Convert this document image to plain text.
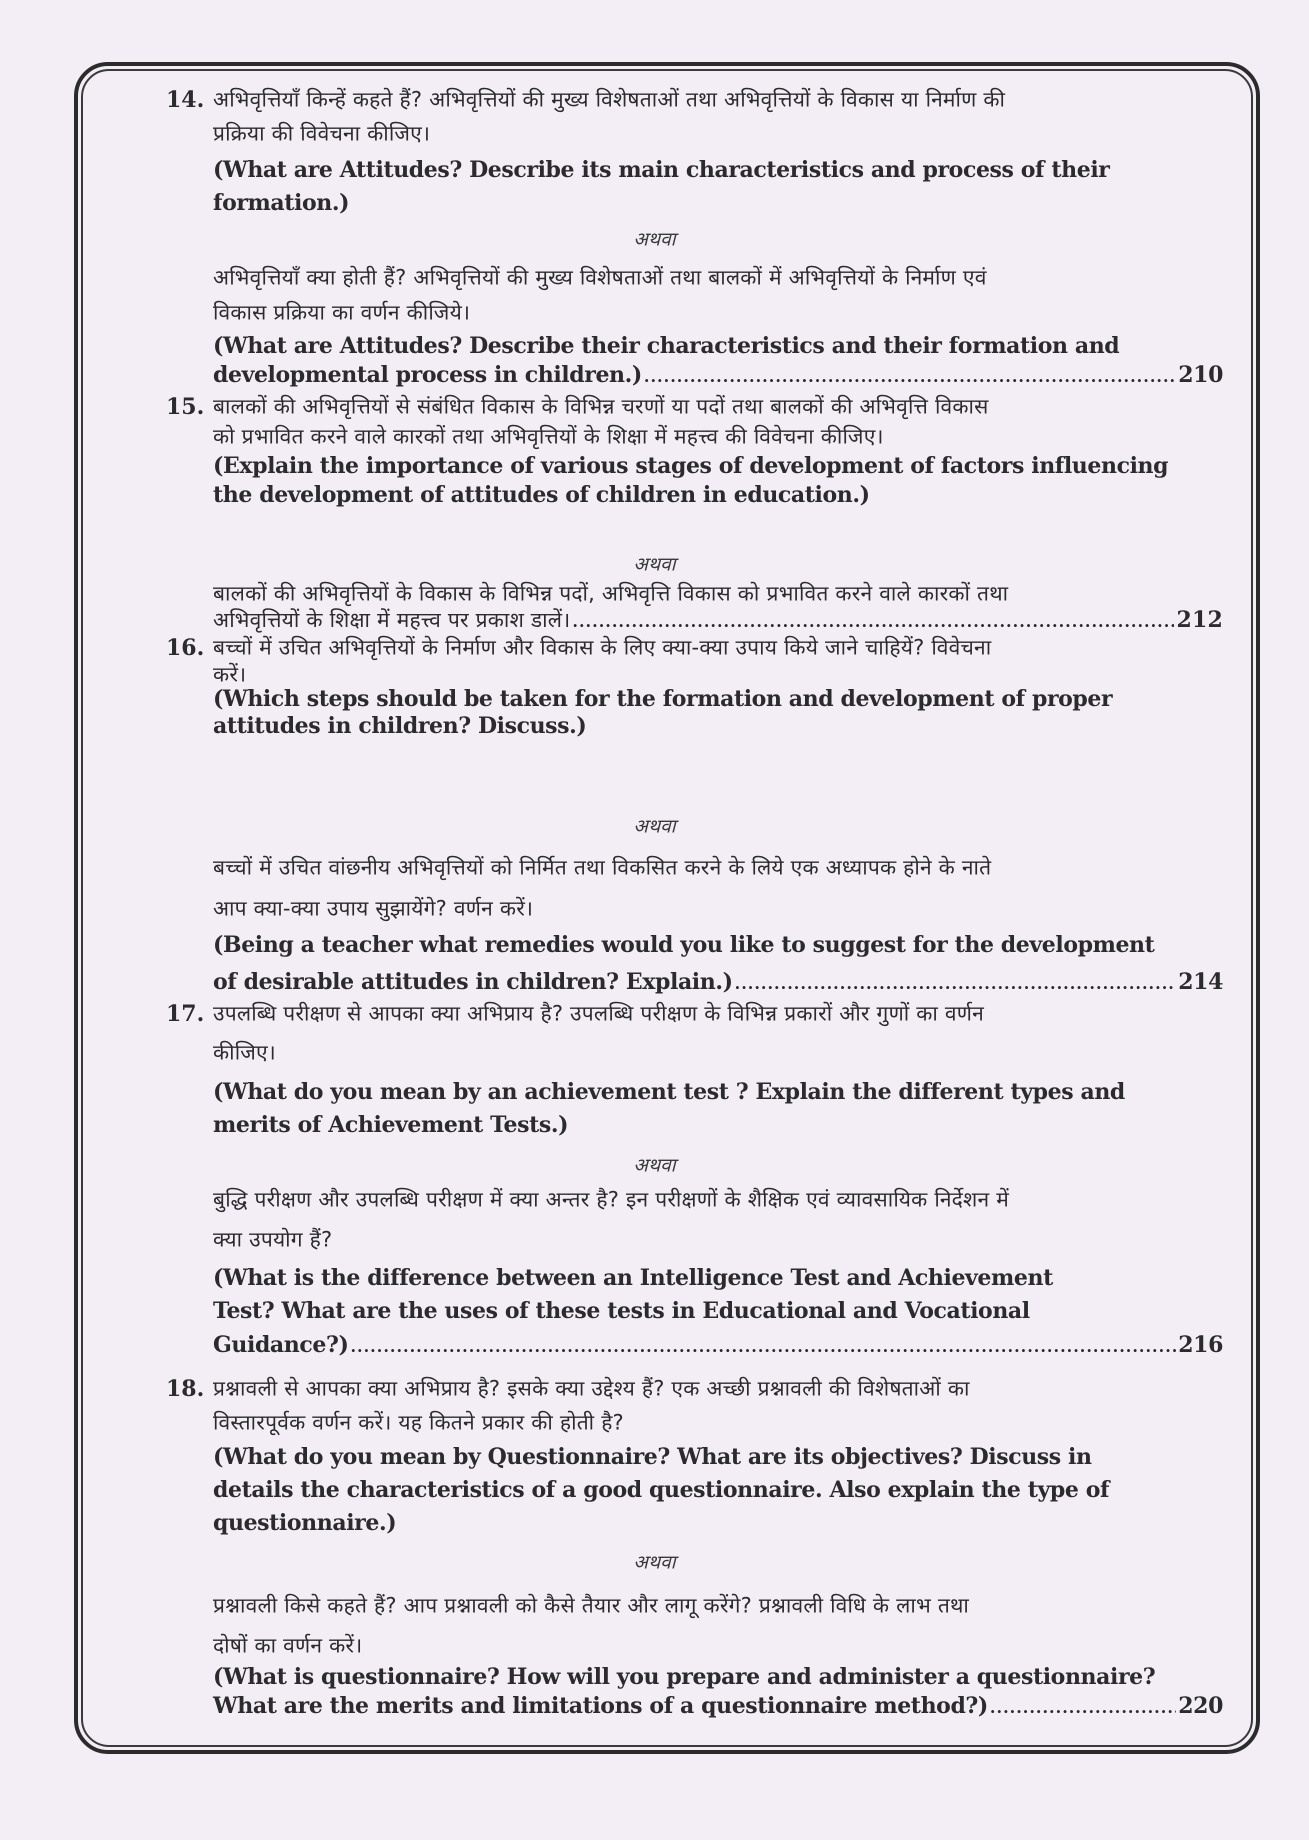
14. अभिवृत्तियाँ किन्हें कहते हैं? अभिवृत्तियों की मुख्य विशेषताओं तथा अभिवृत्तियों के विकास या निर्माण की
प्रक्रिया की विवेचना कीजिए।
(What are Attitudes? Describe its main characteristics and process of their
formation.)
अथवा
अभिवृत्तियाँ क्या होती हैं? अभिवृत्तियों की मुख्य विशेषताओं तथा बालकों में अभिवृत्तियों के निर्माण एवं
विकास प्रक्रिया का वर्णन कीजिये।
(What are Attitudes? Describe their characteristics and their formation and
developmental process in children.) .....	210
15. बालकों की अभिवृत्तियों से संबंधित विकास के विभिन्न चरणों या पदों तथा बालकों की अभिवृत्ति विकास
को प्रभावित करने वाले कारकों तथा अभिवृत्तियों के शिक्षा में महत्त्व की विवेचना कीजिए।
(Explain the importance of various stages of development of factors influencing
the development of attitudes of children in education.)
अथवा
बालकों की अभिवृत्तियों के विकास के विभिन्न पदों, अभिवृत्ति विकास को प्रभावित करने वाले कारकों तथा
अभिवृत्तियों के शिक्षा में महत्त्व पर प्रकाश डालें। .....	212
16. बच्चों में उचित अभिवृत्तियों के निर्माण और विकास के लिए क्या-क्या उपाय किये जाने चाहियें? विवेचना
करें।
(Which steps should be taken for the formation and development of proper
attitudes in children? Discuss.)
अथवा
बच्चों में उचित वांछनीय अभिवृत्तियों को निर्मित तथा विकसित करने के लिये एक अध्यापक होने के नाते
आप क्या-क्या उपाय सुझायेंगे? वर्णन करें।
(Being a teacher what remedies would you like to suggest for the development
of desirable attitudes in children? Explain.) .....	214
17. उपलब्धि परीक्षण से आपका क्या अभिप्राय है? उपलब्धि परीक्षण के विभिन्न प्रकारों और गुणों का वर्णन
कीजिए।
(What do you mean by an achievement test ? Explain the different types and
merits of Achievement Tests.)
अथवा
बुद्धि परीक्षण और उपलब्धि परीक्षण में क्या अन्तर है? इन परीक्षणों के शैक्षिक एवं व्यावसायिक निर्देशन में
क्या उपयोग हैं?
(What is the difference between an Intelligence Test and Achievement
Test? What are the uses of these tests in Educational and Vocational
Guidance?) .....	216
18. प्रश्नावली से आपका क्या अभिप्राय है? इसके क्या उद्देश्य हैं? एक अच्छी प्रश्नावली की विशेषताओं का
विस्तारपूर्वक वर्णन करें। यह कितने प्रकार की होती है?
(What do you mean by Questionnaire? What are its objectives? Discuss in
details the characteristics of a good questionnaire. Also explain the type of
questionnaire.)
अथवा
प्रश्नावली किसे कहते हैं? आप प्रश्नावली को कैसे तैयार और लागू करेंगे? प्रश्नावली विधि के लाभ तथा
दोषों का वर्णन करें।
(What is questionnaire? How will you prepare and administer a questionnaire?
What are the merits and limitations of a questionnaire method?) .....	220
